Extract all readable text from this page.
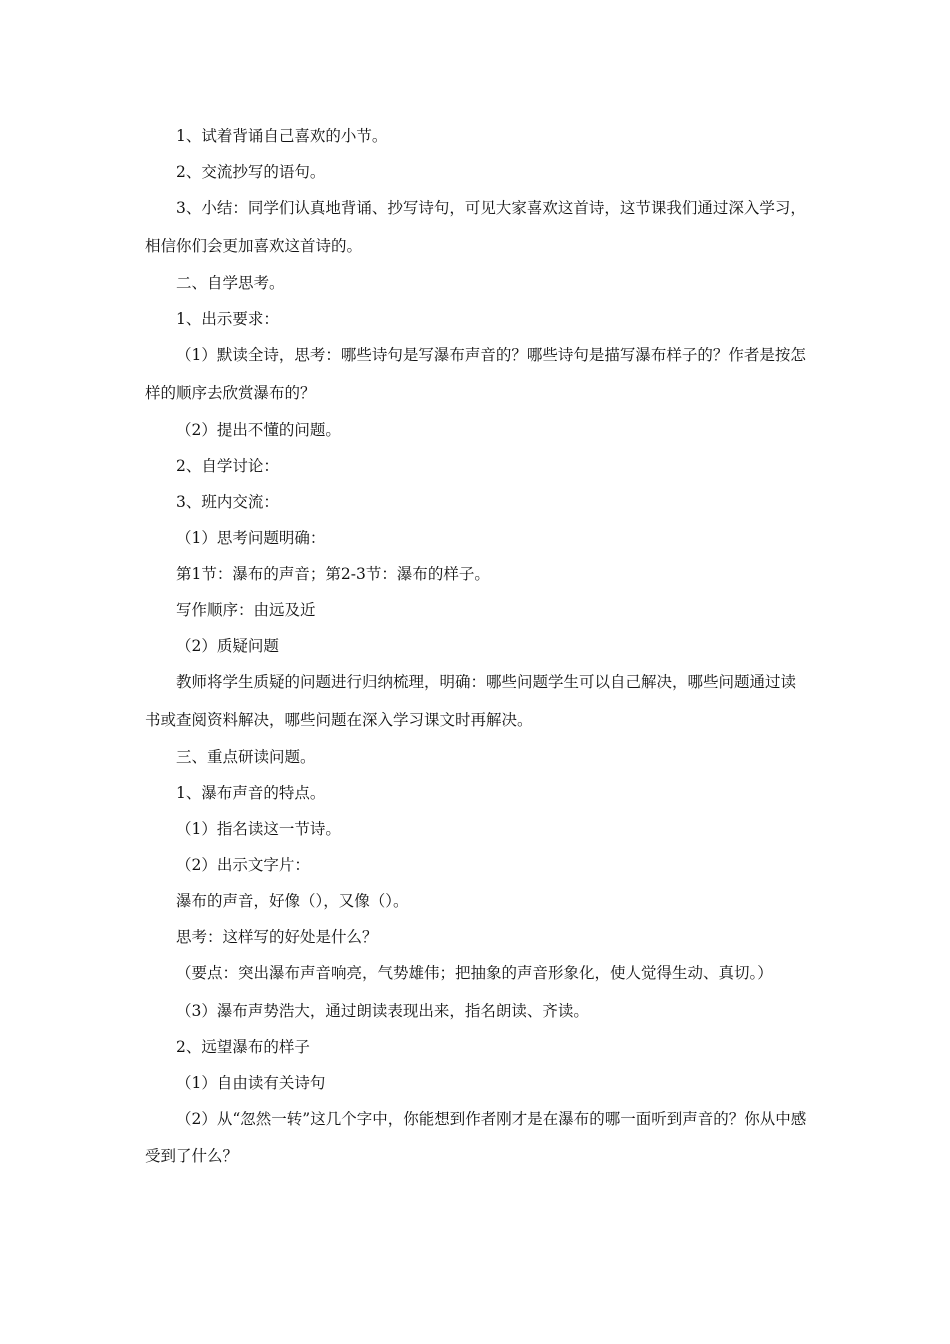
1、试着背诵自己喜欢的小节。

2、交流抄写的语句。

3、小结：同学们认真地背诵、抄写诗句，可见大家喜欢这首诗，这节课我们通过深入学习，相信你们会更加喜欢这首诗的。

二、自学思考。

1、出示要求：

（1）默读全诗，思考：哪些诗句是写瀑布声音的？哪些诗句是描写瀑布样子的？作者是按怎样的顺序去欣赏瀑布的？

（2）提出不懂的问题。

2、自学讨论：

3、班内交流：

（1）思考问题明确：

第1节：瀑布的声音；第2-3节：瀑布的样子。

写作顺序：由远及近

（2）质疑问题

教师将学生质疑的问题进行归纳梳理，明确：哪些问题学生可以自己解决，哪些问题通过读书或查阅资料解决，哪些问题在深入学习课文时再解决。

三、重点研读问题。

1、瀑布声音的特点。

（1）指名读这一节诗。

（2）出示文字片：

瀑布的声音，好像（），又像（）。

思考：这样写的好处是什么？

（要点：突出瀑布声音响亮，气势雄伟；把抽象的声音形象化，使人觉得生动、真切。）

（3）瀑布声势浩大，通过朗读表现出来，指名朗读、齐读。

2、远望瀑布的样子

（1）自由读有关诗句

（2）从“忽然一转”这几个字中，你能想到作者刚才是在瀑布的哪一面听到声音的？你从中感受到了什么？
